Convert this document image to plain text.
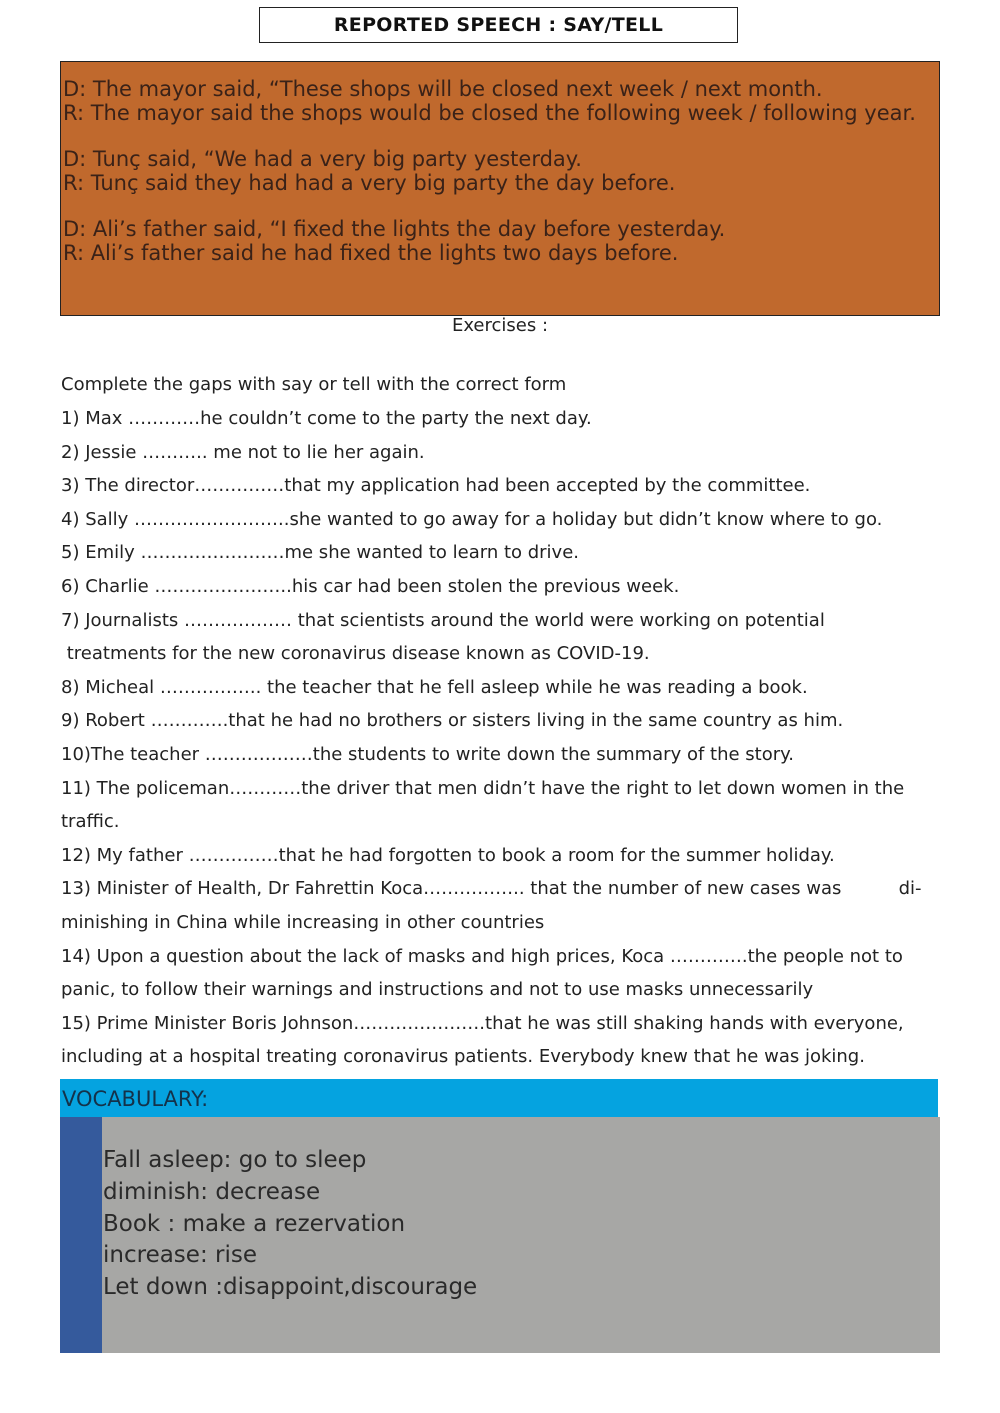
REPORTED SPEECH : SAY/TELL
D: The mayor said, “These shops will be closed next week / next month.
R: The mayor said the shops would be closed the following week / following year.
D: Tunç said, “We had a very big party yesterday.
R: Tunç said they had had a very big party the day before.
D: Ali’s father said, “I fixed the lights the day before yesterday.
R: Ali’s father said he had fixed the lights two days before.
Exercises :
Complete the gaps with say or tell with the correct form
1) Max …………he couldn’t come to the party the next day.
2) Jessie ……….. me not to lie her again.
3) The director……………that my application had been accepted by the committee.
4) Sally ……………………..she wanted to go away for a holiday but didn’t know where to go.
5) Emily ……………………me she wanted to learn to drive.
6) Charlie …………………..his car had been stolen the previous week.
7) Journalists ……………… that scientists around the world were working on potential
treatments for the new coronavirus disease known as COVID-19.
8) Micheal …………….. the teacher that he fell asleep while he was reading a book.
9) Robert ………….that he had no brothers or sisters living in the same country as him.
10)The teacher ………………the students to write down the summary of the story.
11) The policeman…………the driver that men didn’t have the right to let down women in the
traffic.
12) My father ……………that he had forgotten to book a room for the summer holiday.
13) Minister of Health, Dr Fahrettin Koca…………….. that the number of new cases was          di-
minishing in China while increasing in other countries
14) Upon a question about the lack of masks and high prices, Koca ………….the people not to
panic, to follow their warnings and instructions and not to use masks unnecessarily
15) Prime Minister Boris Johnson………………….that he was still shaking hands with everyone,
including at a hospital treating coronavirus patients. Everybody knew that he was joking.
VOCABULARY:
Fall asleep: go to sleep
diminish: decrease
Book : make a rezervation
increase: rise
Let down :disappoint,discourage
